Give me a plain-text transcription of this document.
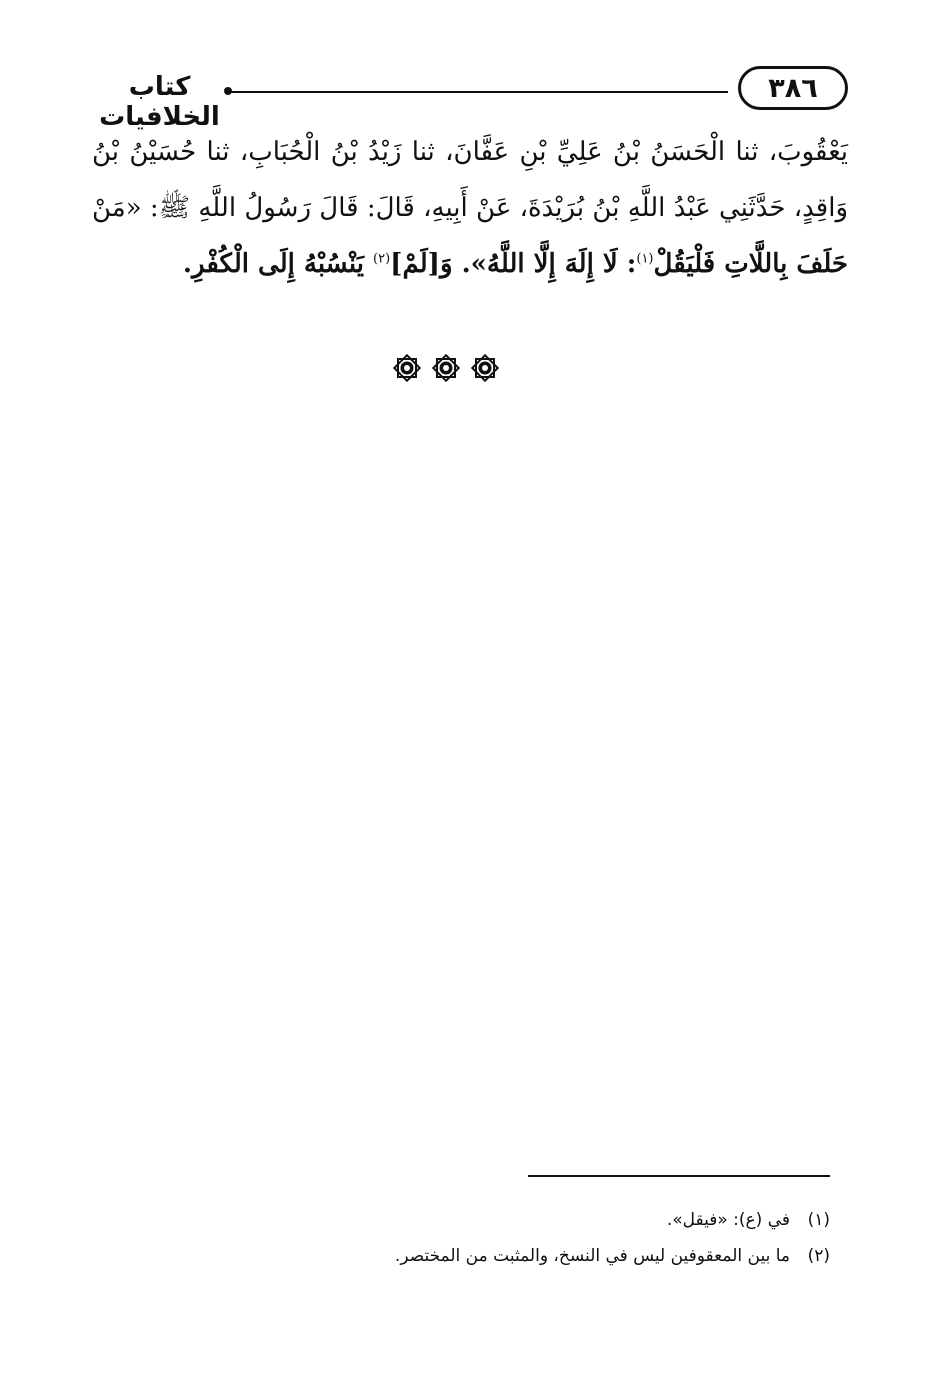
كتاب الخلافيات
٣٨٦
يَعْقُوبَ، ثنا الْحَسَنُ بْنُ عَلِيِّ بْنِ عَفَّانَ، ثنا زَيْدُ بْنُ الْحُبَابِ، ثنا حُسَيْنُ بْنُ وَاقِدٍ، حَدَّثَنِي عَبْدُ اللَّهِ بْنُ بُرَيْدَةَ، عَنْ أَبِيهِ، قَالَ: قَالَ رَسُولُ اللَّهِ ﷺ: «مَنْ حَلَفَ بِاللَّاتِ فَلْيَقُلْ$^{(١)}$: لَا إِلَهَ إِلَّا اللَّهُ». وَ[لَمْ]$^{(٢)}$ يَنْسُبْهُ إِلَى الْكُفْرِ.
(١)
في (ع): «فيقل».
(٢)
ما بين المعقوفين ليس في النسخ، والمثبت من المختصر.
